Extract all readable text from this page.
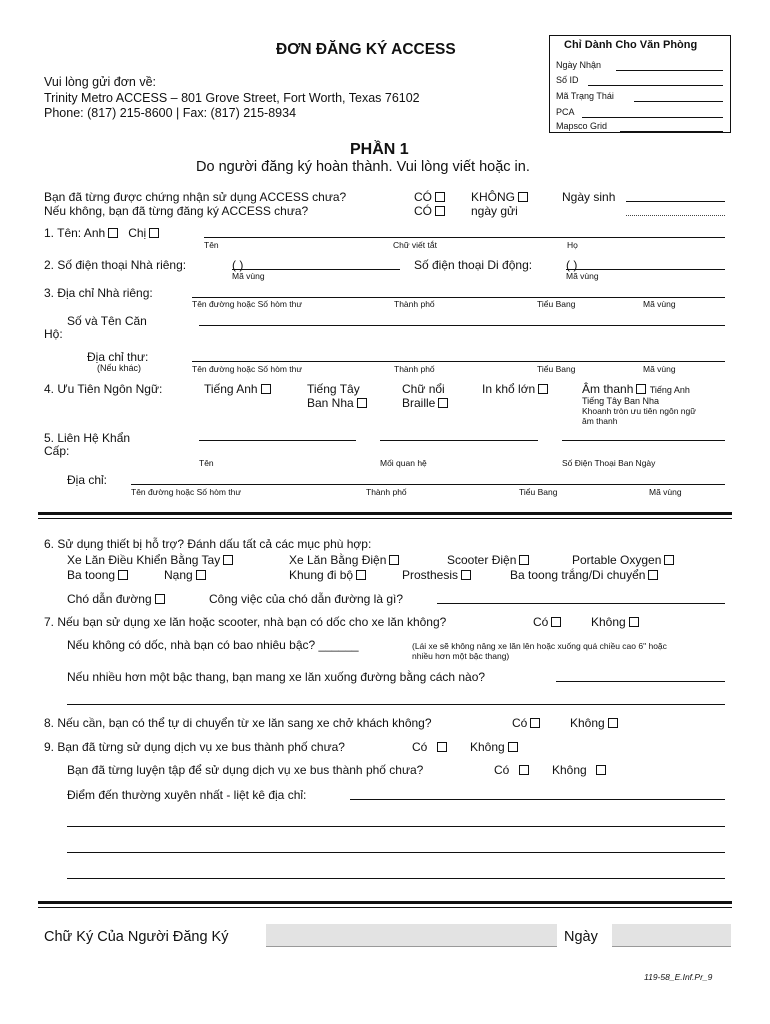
ĐƠN ĐĂNG KÝ ACCESS
Vui lòng gửi đơn về:
Trinity Metro ACCESS – 801 Grove Street, Fort Worth, Texas 76102
Phone: (817) 215-8600 | Fax: (817) 215-8934
Chỉ Dành Cho Văn Phòng
Ngày Nhận
Số ID
Mã Trạng Thái
PCA
Mapsco Grid
PHẦN 1
Do người đăng ký hoàn thành. Vui lòng viết hoặc in.
Bạn đã từng được chứng nhận sử dụng ACCESS chưa?	CÓ	KHÔNG	Ngày sinh
Nếu không, bạn đã từng đăng ký ACCESS chưa?	CÓ	ngày gửi
1. Tên: Anh Chị
Tên	Chữ viết tắt	Họ
2. Số điện thoại Nhà riêng:	( )
Mã vùng
Số điện thoại Di động:	( )
Mã vùng
3. Địa chỉ Nhà riêng:
Tên đường hoặc Số hòm thư	Thành phố	Tiểu Bang	Mã vùng
Số và Tên Căn
Hộ:
Địa chỉ thư:
(Nếu khác)	Tên đường hoặc Số hòm thư	Thành phố	Tiểu Bang	Mã vùng
4. Ưu Tiên Ngôn Ngữ:	Tiếng Anh	Tiếng Tây
Ban Nha
Chữ nổi
Braille
In khổ lớn	Âm thanh Tiếng Anh
Tiếng Tây Ban Nha
Khoanh tròn ưu tiên ngôn ngữ
âm thanh
5. Liên Hệ Khẩn
Cấp:
Tên	Mối quan hệ	Số Điện Thoại Ban Ngày
Địa chỉ:
Tên đường hoặc Số hòm thư	Thành phố	Tiểu Bang	Mã vùng
6. Sử dụng thiết bị hỗ trợ? Đánh dấu tất cả các mục phù hợp:
Xe Lăn Điều Khiển Bằng Tay	Xe Lăn Bằng Điện	Scooter Điện	Portable Oxygen
Ba toong	Nạng	Khung đi bộ	Prosthesis	Ba toong trắng/Di chuyển
Chó dẫn đường	Công việc của chó dẫn đường là gì?
7. Nếu bạn sử dụng xe lăn hoặc scooter, nhà bạn có dốc cho xe lăn không?	Có	Không
Nếu không có dốc, nhà bạn có bao nhiêu bậc? ______	(Lái xe sẽ không nâng xe lăn lên hoặc xuống quá chiều cao 6" hoặc
nhiều hơn một bậc thang)
Nếu nhiều hơn một bậc thang, bạn mang xe lăn xuống đường bằng cách nào?
8. Nếu cần, bạn có thể tự di chuyển từ xe lăn sang xe chở khách không?	Có	Không
9. Bạn đã từng sử dụng dịch vụ xe bus thành phố chưa?	Có	Không
Bạn đã từng luyện tập để sử dụng dịch vụ xe bus thành phố chưa?	Có	Không
Điểm đến thường xuyên nhất - liệt kê địa chỉ:
Chữ Ký Của Người Đăng Ký	Ngày
119-58_E.Inf.Pr_9
